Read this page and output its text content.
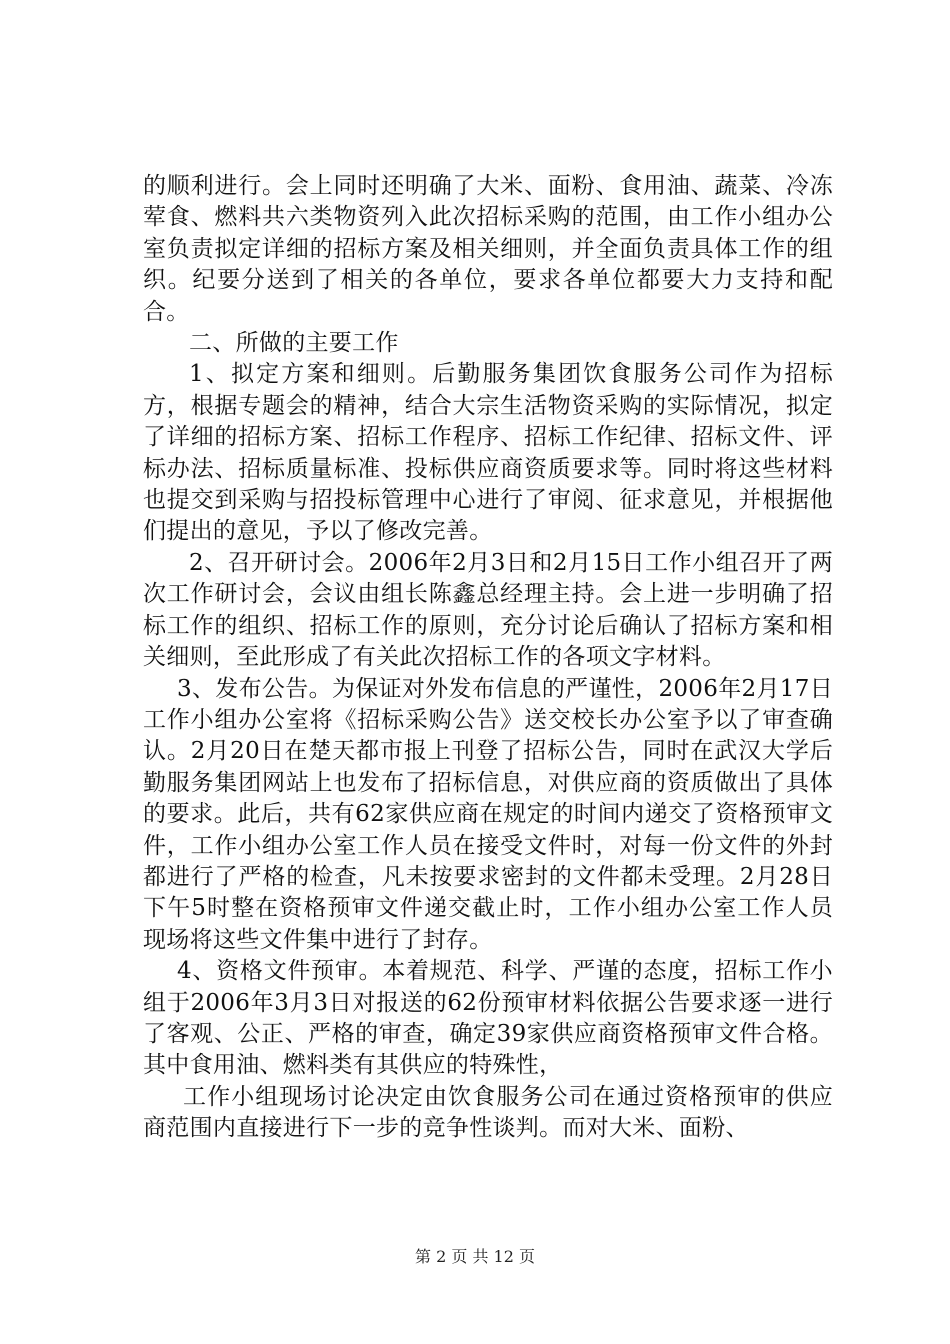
的顺利进行。会上同时还明确了大米、面粉、食用油、蔬菜、冷冻荤食、燃料共六类物资列入此次招标采购的范围，由工作小组办公室负责拟定详细的招标方案及相关细则，并全面负责具体工作的组织。纪要分送到了相关的各单位，要求各单位都要大力支持和配合。

二、所做的主要工作

1、拟定方案和细则。后勤服务集团饮食服务公司作为招标方，根据专题会的精神，结合大宗生活物资采购的实际情况，拟定了详细的招标方案、招标工作程序、招标工作纪律、招标文件、评标办法、招标质量标准、投标供应商资质要求等。同时将这些材料也提交到采购与招投标管理中心进行了审阅、征求意见，并根据他们提出的意见，予以了修改完善。

2、召开研讨会。2006年2月3日和2月15日工作小组召开了两次工作研讨会，会议由组长陈鑫总经理主持。会上进一步明确了招标工作的组织、招标工作的原则，充分讨论后确认了招标方案和相关细则，至此形成了有关此次招标工作的各项文字材料。

3、发布公告。为保证对外发布信息的严谨性，2006年2月17日工作小组办公室将《招标采购公告》送交校长办公室予以了审查确认。2月20日在楚天都市报上刊登了招标公告，同时在武汉大学后勤服务集团网站上也发布了招标信息，对供应商的资质做出了具体的要求。此后，共有62家供应商在规定的时间内递交了资格预审文件，工作小组办公室工作人员在接受文件时，对每一份文件的外封都进行了严格的检查，凡未按要求密封的文件都未受理。2月28日下午5时整在资格预审文件递交截止时，工作小组办公室工作人员现场将这些文件集中进行了封存。

4、资格文件预审。本着规范、科学、严谨的态度，招标工作小组于2006年3月3日对报送的62份预审材料依据公告要求逐一进行了客观、公正、严格的审查，确定39家供应商资格预审文件合格。其中食用油、燃料类有其供应的特殊性，

工作小组现场讨论决定由饮食服务公司在通过资格预审的供应商范围内直接进行下一步的竞争性谈判。而对大米、面粉、

第 2 页 共 12 页
